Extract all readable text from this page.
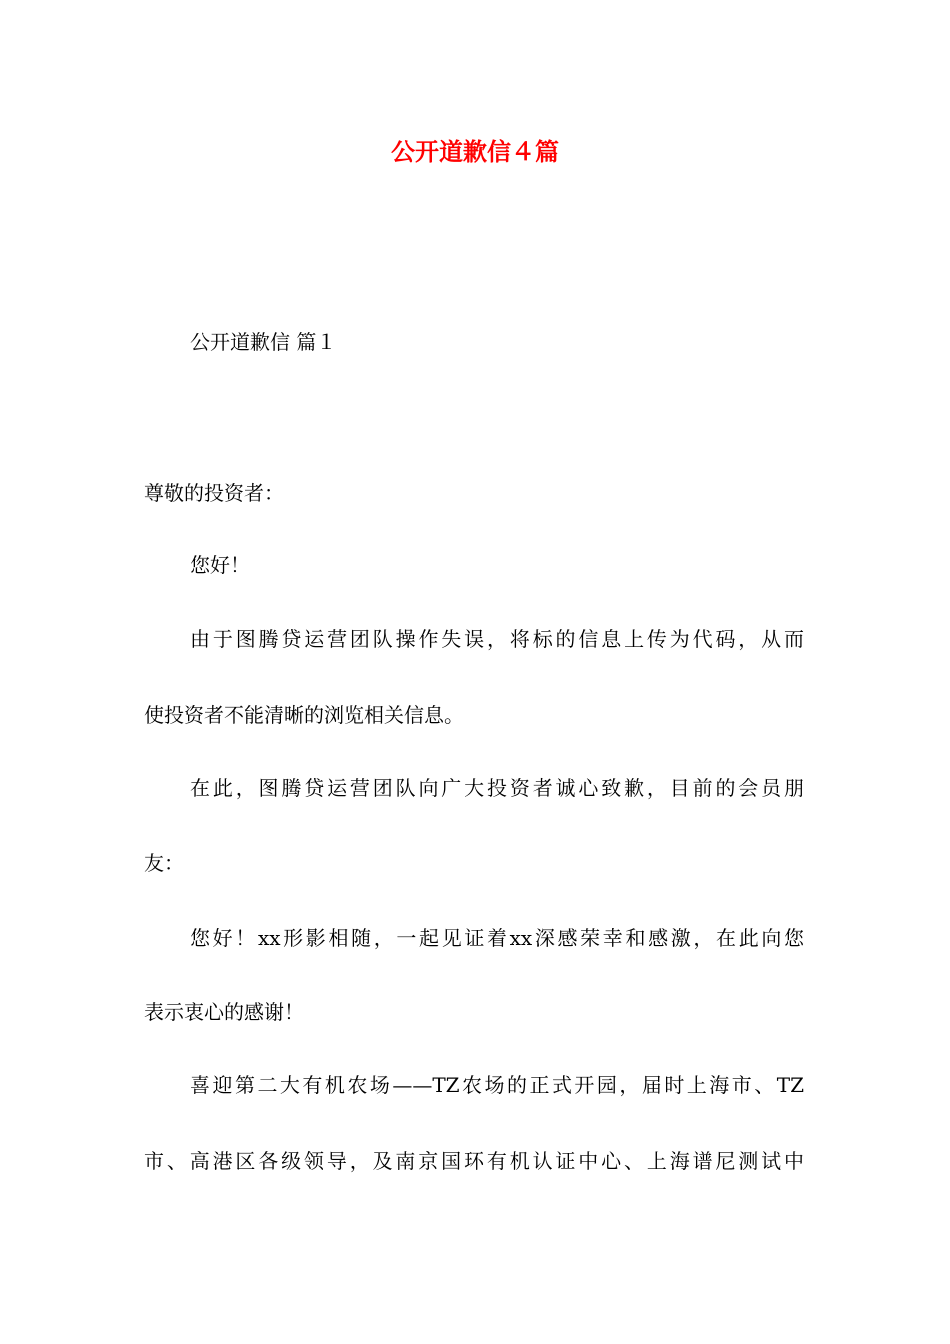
公开道歉信４篇
公开道歉信 篇１
尊敬的投资者：
您好！
由于图腾贷运营团队操作失误，将标的信息上传为代码，从而
使投资者不能清晰的浏览相关信息。
在此，图腾贷运营团队向广大投资者诚心致歉，目前的会员朋
友：
您好！xx形影相随，一起见证着xx深感荣幸和感激，在此向您
表示衷心的感谢！
喜迎第二大有机农场——TZ农场的正式开园，届时上海市、TZ
市、高港区各级领导，及南京国环有机认证中心、上海谱尼测试中
